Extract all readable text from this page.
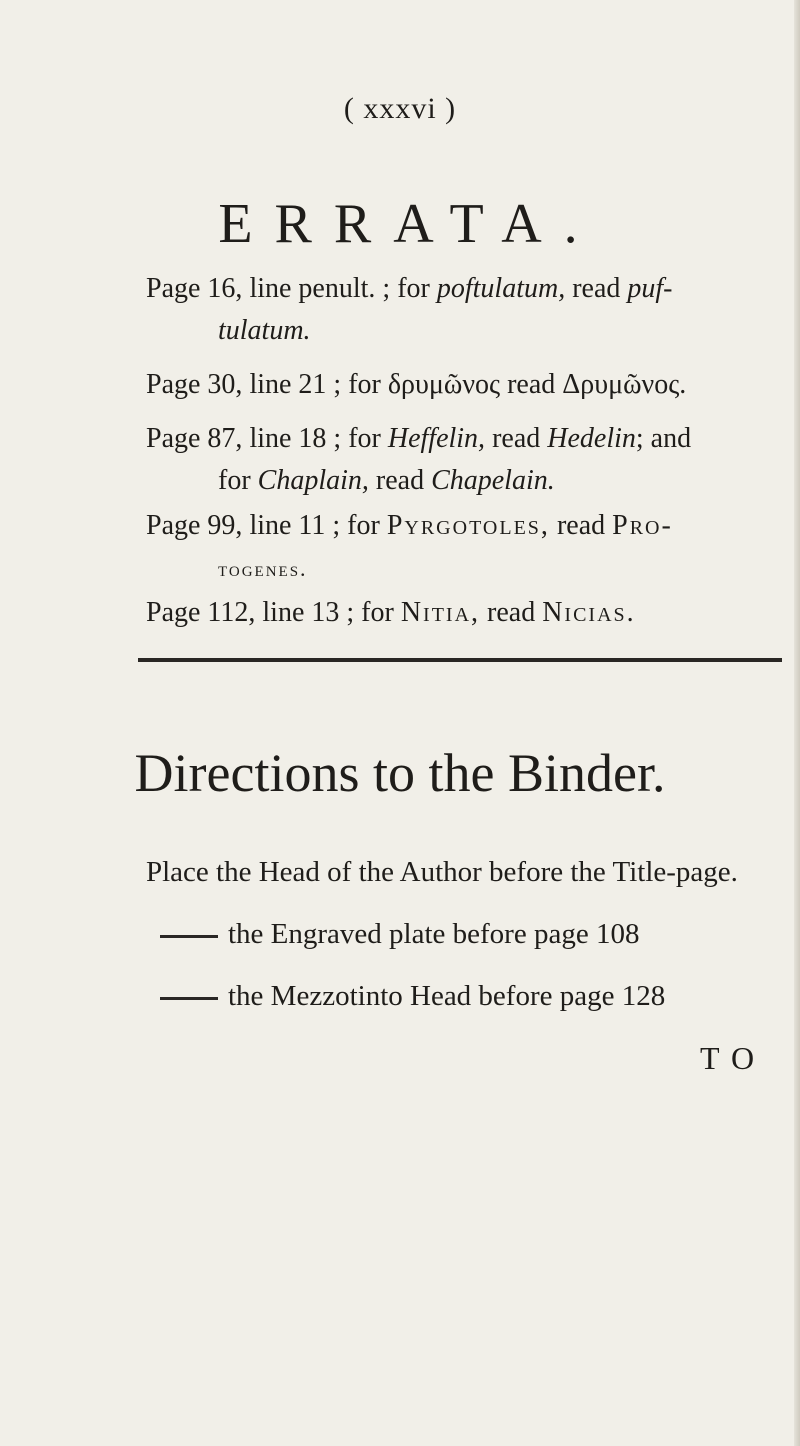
( xxxvi )
ERRATA.
Page 16, line penult. ; for poftulatum, read puf-
tulatum.
Page 30, line 21 ; for δρυμῶνος read Δρυμῶνος.
Page 87, line 18 ; for Heffelin, read Hedelin; and
for Chaplain, read Chapelain.
Page 99, line 11 ; for Pyrgotoles, read Pro-
togenes.
Page 112, line 13 ; for Nitia, read Nicias.
Directions to the Binder.
Place the Head of the Author before the Title-page.
the Engraved plate before page 108
the Mezzotinto Head before page 128
TO
